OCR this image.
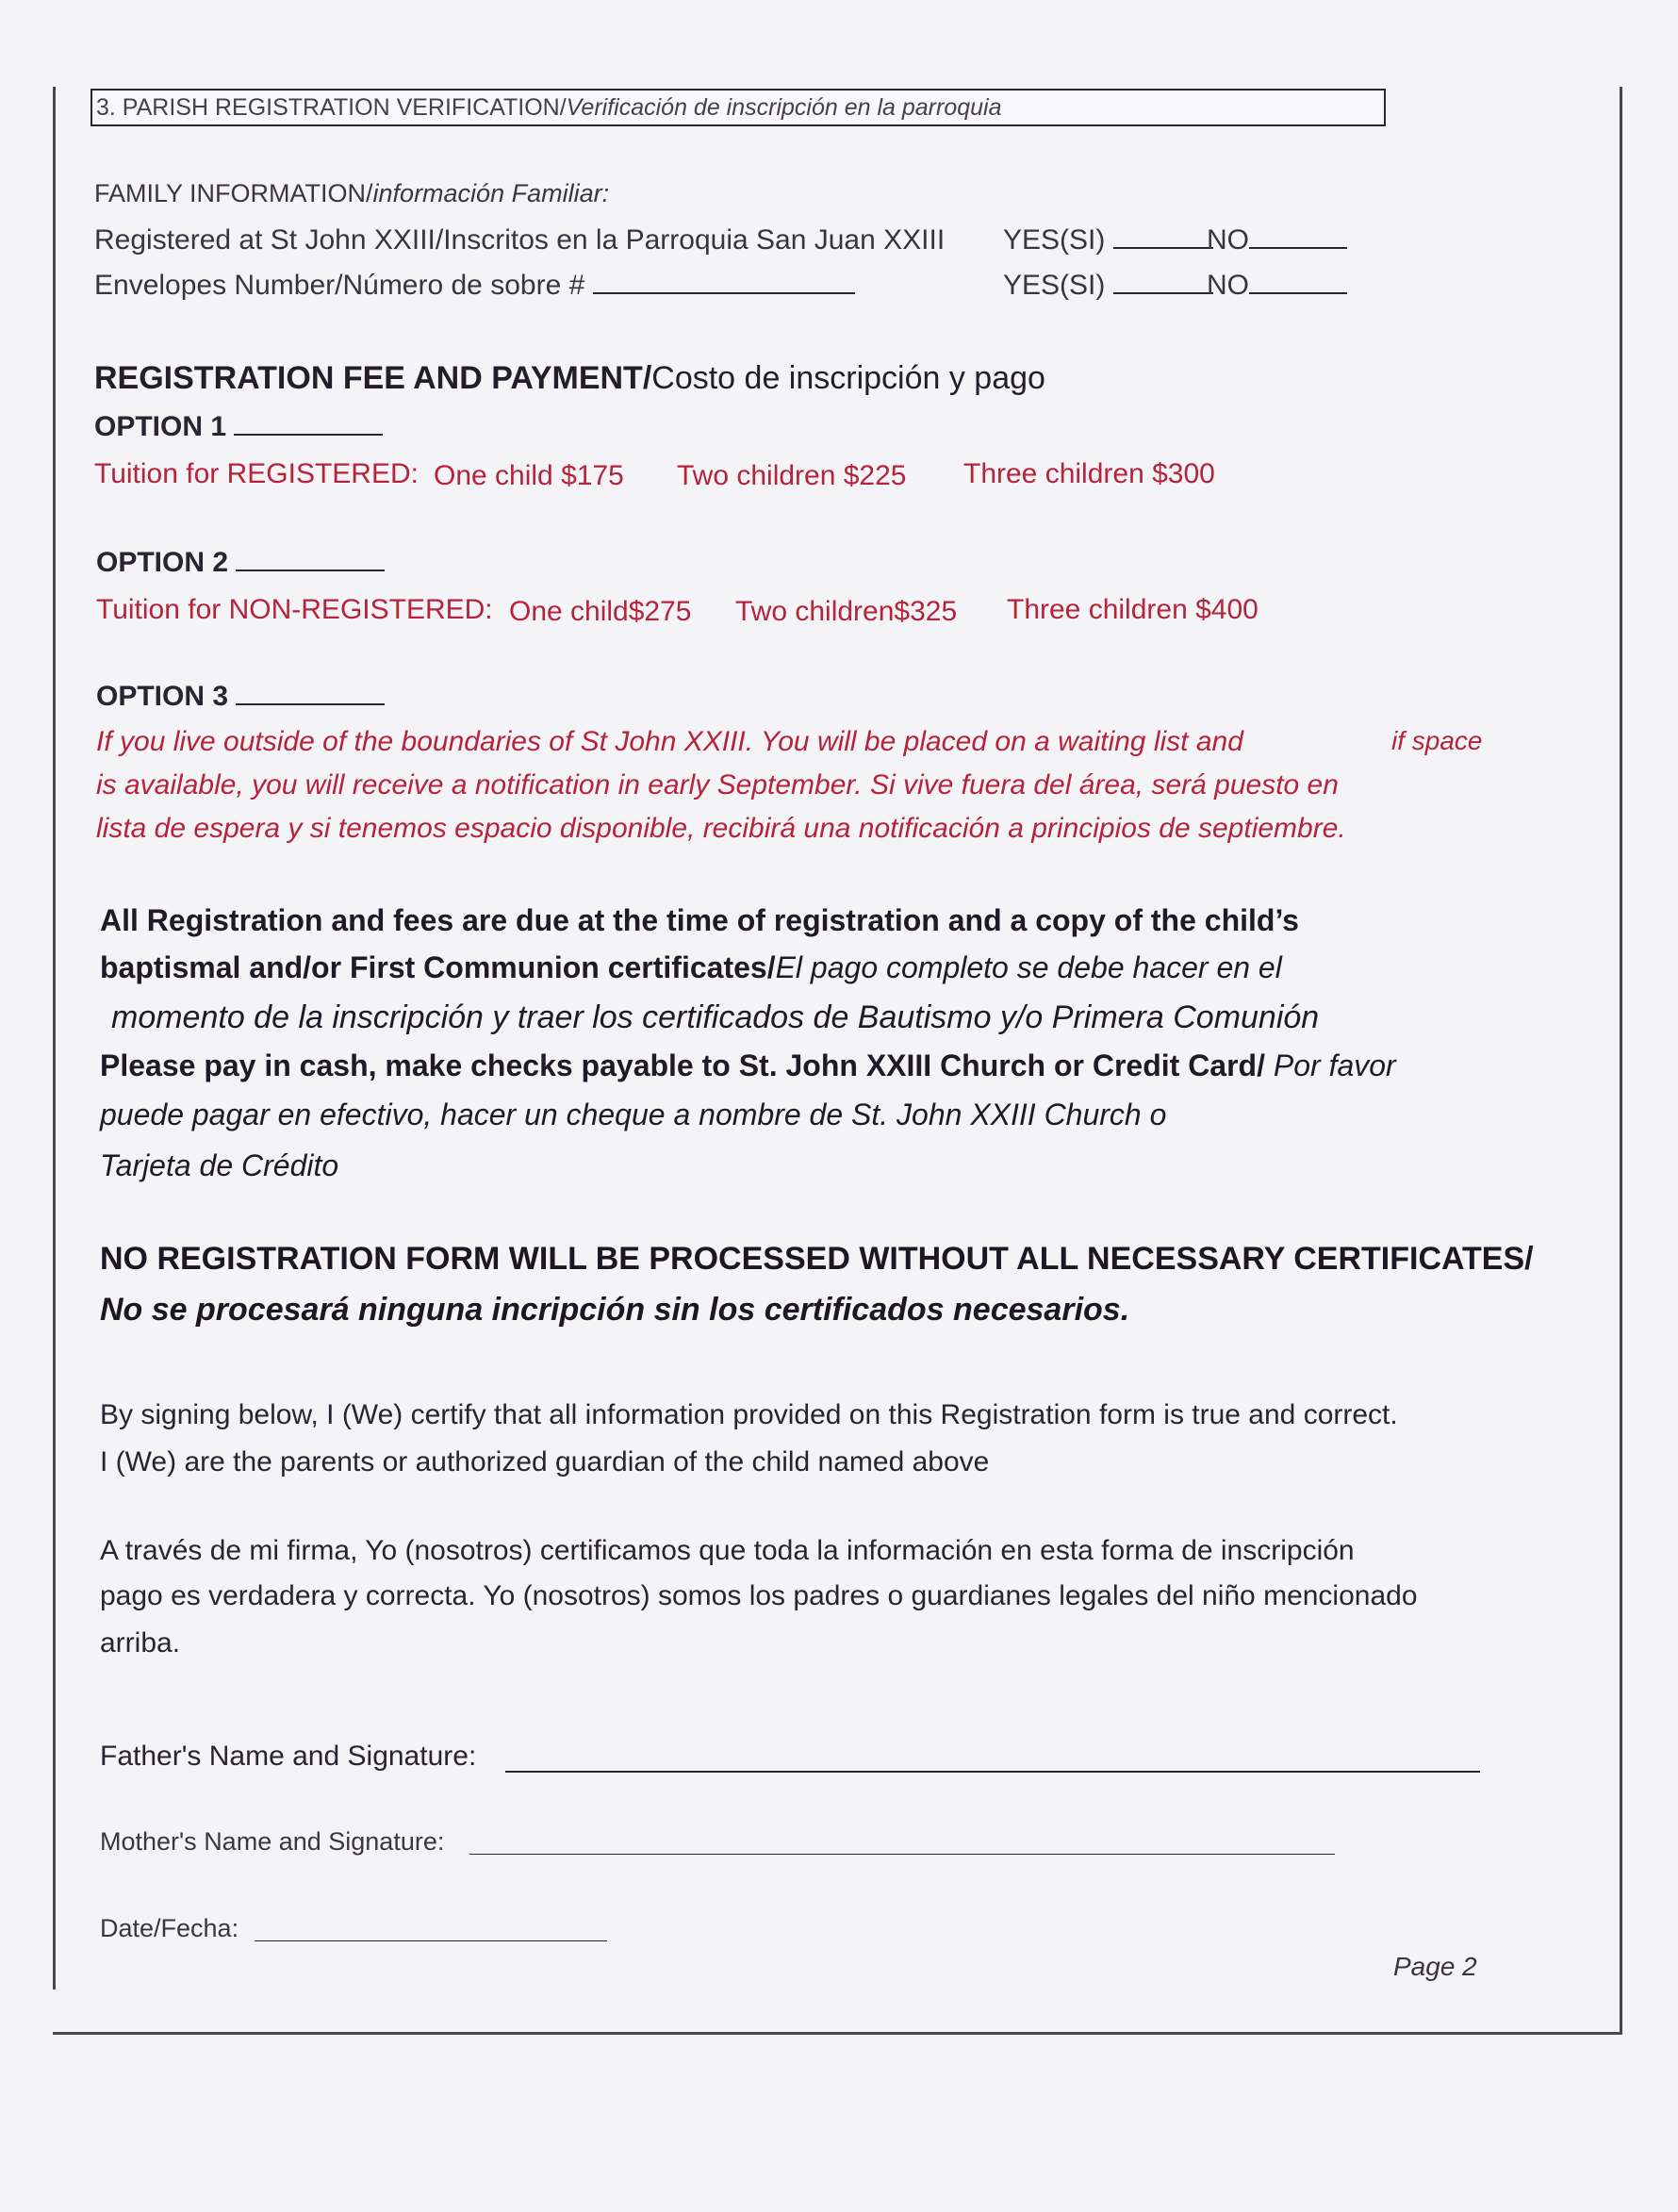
3. PARISH REGISTRATION VERIFICATION/Verificación de inscripción en la parroquia
FAMILY INFORMATION/información Familiar:
Registered at St John XXIII/Inscritos en la Parroquia San Juan XXIII YES(SI)	NO
Envelopes Number/Número de sobre #	YES(SI)	NO
REGISTRATION FEE AND PAYMENT/Costo de inscripción y pago
OPTION 1
Tuition for REGISTERED: One child $175 Two children $225 Three children $300
OPTION 2
Tuition for NON-REGISTERED: One child$275 Two children$325 Three children $400
OPTION 3
If you live outside of the boundaries of St John XXIII. You will be placed on a waiting list and	if space
is available, you will receive a notification in early September. Si vive fuera del área, será puesto en
lista de espera y si tenemos espacio disponible, recibirá una notificación a principios de septiembre.
All Registration and fees are due at the time of registration and a copy of the child’s
baptismal and/or First Communion certificates/El pago completo se debe hacer en el
momento de la inscripción y traer los certificados de Bautismo y/o Primera Comunión
Please pay in cash, make checks payable to St. John XXIII Church or Credit Card/ Por favor
puede pagar en efectivo, hacer un cheque a nombre de St. John XXIII Church o
Tarjeta de Crédito
NO REGISTRATION FORM WILL BE PROCESSED WITHOUT ALL NECESSARY CERTIFICATES/
No se procesará ninguna incripción sin los certificados necesarios.
By signing below, I (We) certify that all information provided on this Registration form is true and correct.
I (We) are the parents or authorized guardian of the child named above
A través de mi firma, Yo (nosotros) certificamos que toda la información en esta forma de inscripción
pago es verdadera y correcta. Yo (nosotros) somos los padres o guardianes legales del niño mencionado
arriba.
Father's Name and Signature:
Mother's Name and Signature:
Date/Fecha:
Page 2
